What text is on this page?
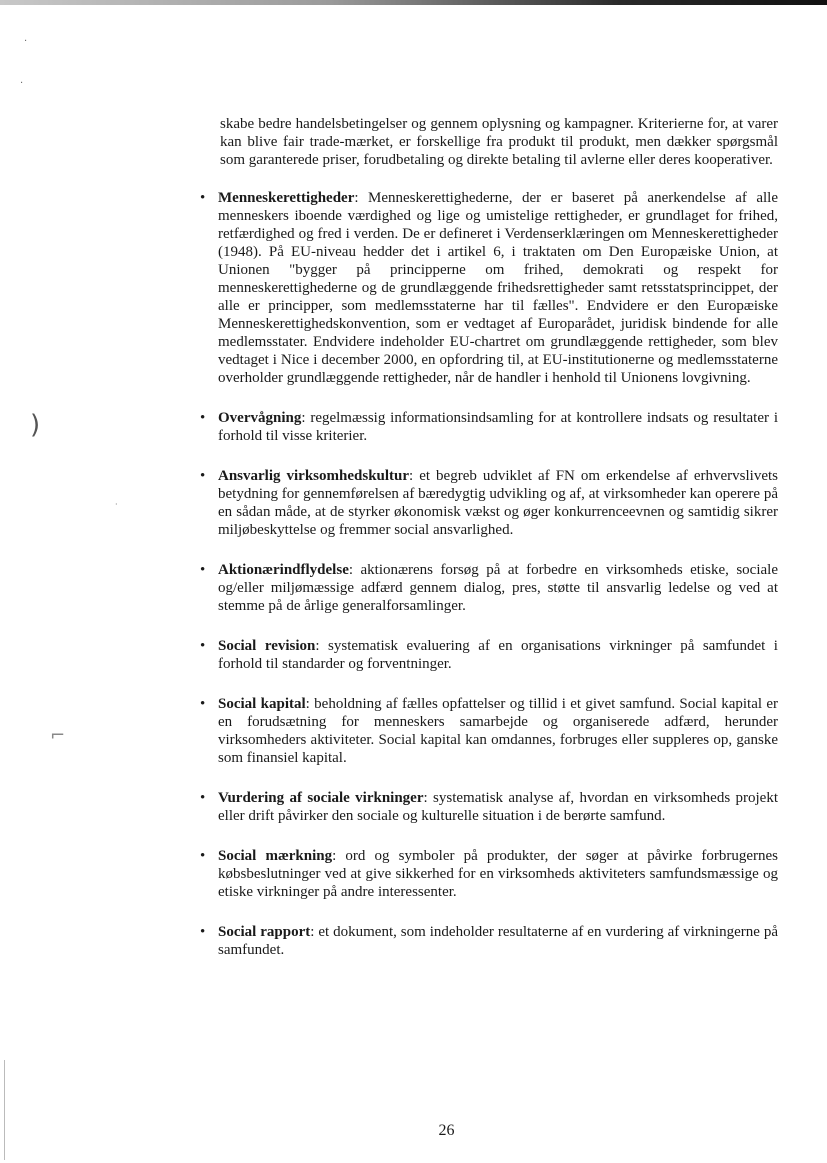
·
·
)
⌐
·

skabe bedre handelsbetingelser og gennem oplysning og kampagner. Kriterierne for, at varer kan blive fair trade-mærket, er forskellige fra produkt til produkt, men dækker spørgsmål som garanterede priser, forudbetaling og direkte betaling til avlerne eller deres kooperativer.

• Menneskerettigheder: Menneskerettighederne, der er baseret på anerkendelse af alle menneskers iboende værdighed og lige og umistelige rettigheder, er grundlaget for frihed, retfærdighed og fred i verden. De er defineret i Verdenserklæringen om Menneskerettigheder (1948). På EU-niveau hedder det i artikel 6, i traktaten om Den Europæiske Union, at Unionen "bygger på principperne om frihed, demokrati og respekt for menneskerettighederne og de grundlæggende frihedsrettigheder samt retsstatsprincippet, der alle er principper, som medlemsstaterne har til fælles". Endvidere er den Europæiske Menneskerettighedskonvention, som er vedtaget af Europarådet, juridisk bindende for alle medlemsstater. Endvidere indeholder EU-chartret om grundlæggende rettigheder, som blev vedtaget i Nice i december 2000, en opfordring til, at EU-institutionerne og medlemsstaterne overholder grundlæggende rettigheder, når de handler i henhold til Unionens lovgivning.
• Overvågning: regelmæssig informationsindsamling for at kontrollere indsats og resultater i forhold til visse kriterier.
• Ansvarlig virksomhedskultur: et begreb udviklet af FN om erkendelse af erhvervslivets betydning for gennemførelsen af bæredygtig udvikling og af, at virksomheder kan operere på en sådan måde, at de styrker økonomisk vækst og øger konkurrenceevnen og samtidig sikrer miljøbeskyttelse og fremmer social ansvarlighed.
• Aktionærindflydelse: aktionærens forsøg på at forbedre en virksomheds etiske, sociale og/eller miljømæssige adfærd gennem dialog, pres, støtte til ansvarlig ledelse og ved at stemme på de årlige generalforsamlinger.
• Social revision: systematisk evaluering af en organisations virkninger på samfundet i forhold til standarder og forventninger.
• Social kapital: beholdning af fælles opfattelser og tillid i et givet samfund. Social kapital er en forudsætning for menneskers samarbejde og organiserede adfærd, herunder virksomheders aktiviteter. Social kapital kan omdannes, forbruges eller suppleres op, ganske som finansiel kapital.
• Vurdering af sociale virkninger: systematisk analyse af, hvordan en virksomheds projekt eller drift påvirker den sociale og kulturelle situation i de berørte samfund.
• Social mærkning: ord og symboler på produkter, der søger at påvirke forbrugernes købsbeslutninger ved at give sikkerhed for en virksomheds aktiviteters samfundsmæssige og etiske virkninger på andre interessenter.
• Social rapport: et dokument, som indeholder resultaterne af en vurdering af virkningerne på samfundet.
26
